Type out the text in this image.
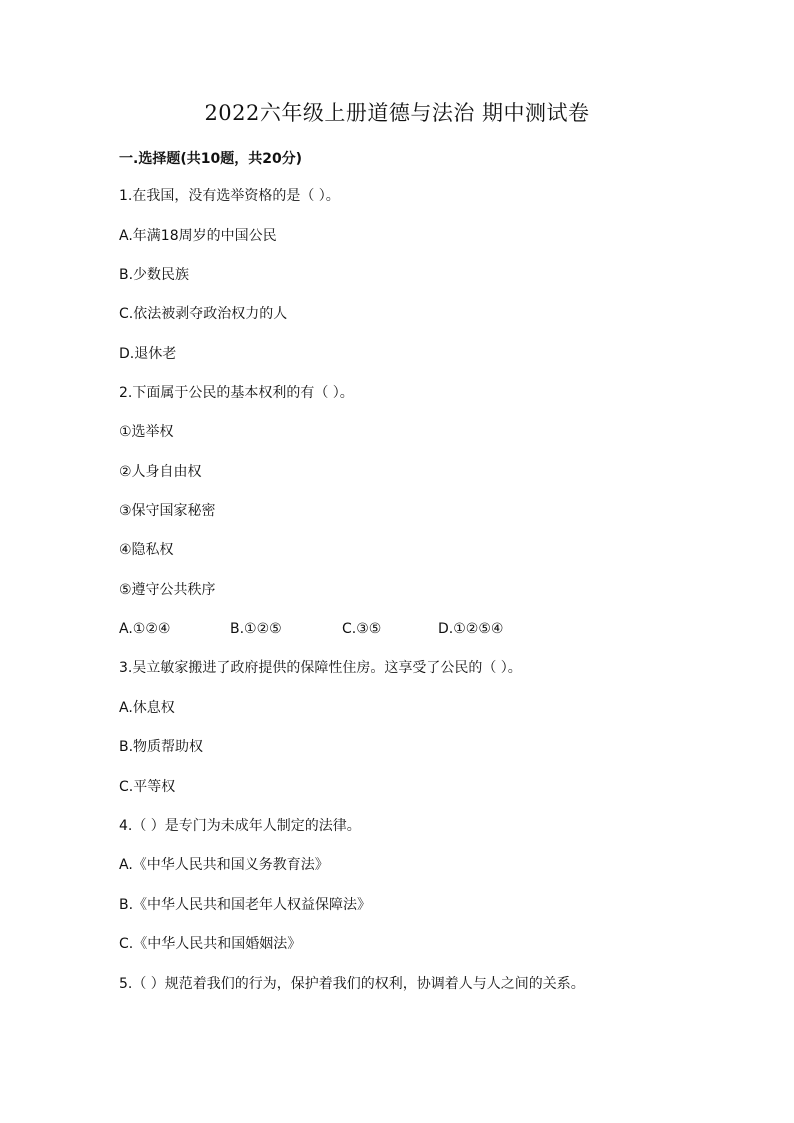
2022六年级上册道德与法治 期中测试卷
一.选择题(共10题，共20分)
1.在我国，没有选举资格的是（ ）。
A.年满18周岁的中国公民
B.少数民族
C.依法被剥夺政治权力的人
D.退休老
2.下面属于公民的基本权利的有（ ）。
①选举权
②人身自由权
③保守国家秘密
④隐私权
⑤遵守公共秩序
A.①②④	B.①②⑤	C.③⑤	D.①②⑤④
3.吴立敏家搬进了政府提供的保障性住房。这享受了公民的（ ）。
A.休息权
B.物质帮助权
C.平等权
4.（ ）是专门为未成年人制定的法律。
A.《中华人民共和国义务教育法》
B.《中华人民共和国老年人权益保障法》
C.《中华人民共和国婚姻法》
5.（ ）规范着我们的行为，保护着我们的权利，协调着人与人之间的关系。
